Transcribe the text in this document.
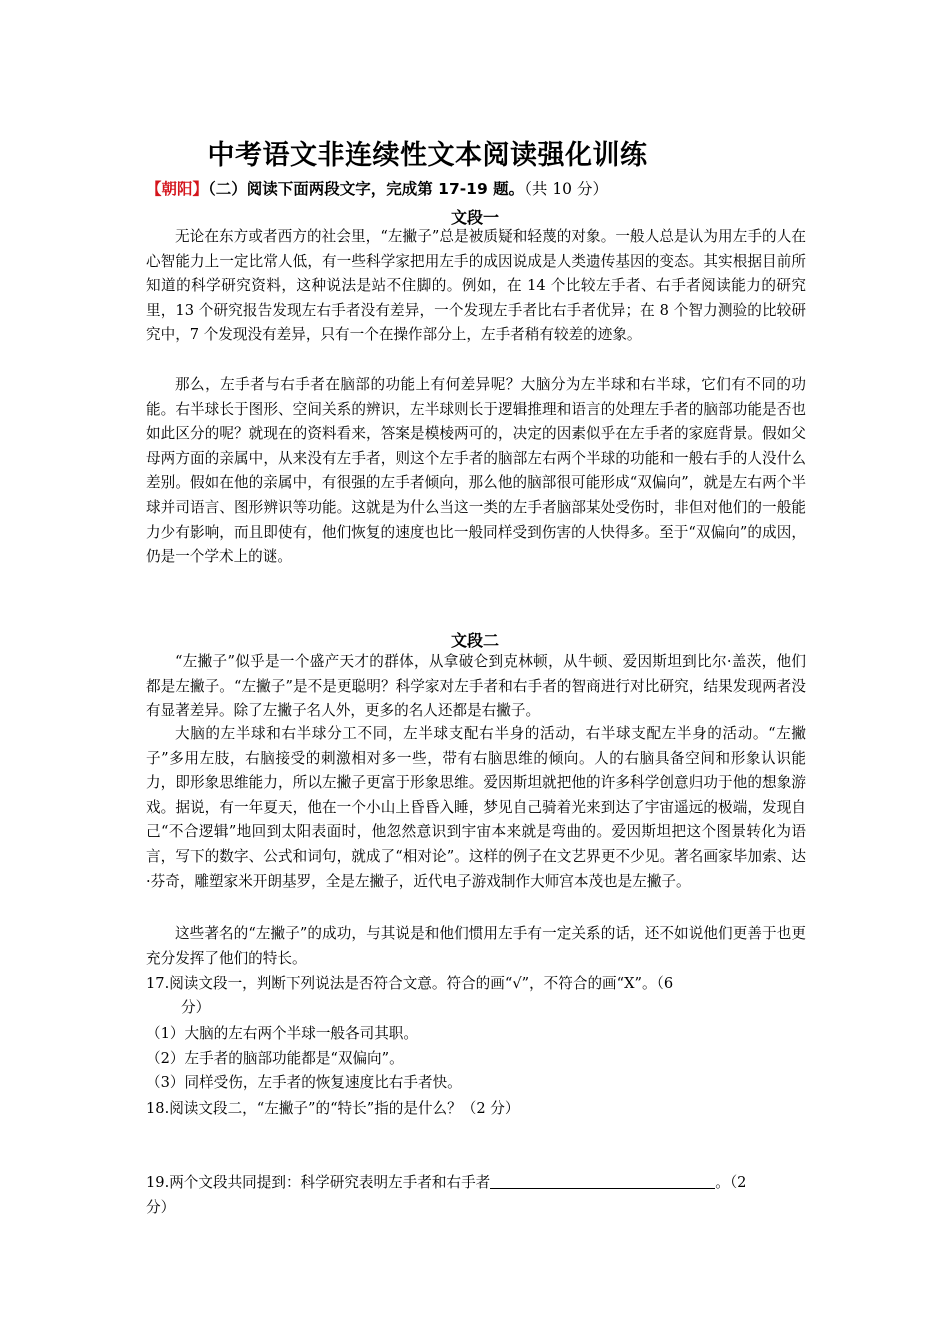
中考语文非连续性文本阅读强化训练
【朝阳】（二）阅读下面两段文字，完成第 17-19 题。（共 10 分）
文段一

无论在东方或者西方的社会里，“左撇子”总是被质疑和轻蔑的对象。一般人总是认为用左手的人在心智能力上一定比常人低，有一些科学家把用左手的成因说成是人类遗传基因的变态。其实根据目前所知道的科学研究资料，这种说法是站不住脚的。例如，在 14 个比较左手者、右手者阅读能力的研究里，13 个研究报告发现左右手者没有差异，一个发现左手者比右手者优异；在 8 个智力测验的比较研究中，7 个发现没有差异，只有一个在操作部分上，左手者稍有较差的迹象。

那么，左手者与右手者在脑部的功能上有何差异呢？大脑分为左半球和右半球，它们有不同的功能。右半球长于图形、空间关系的辨识，左半球则长于逻辑推理和语言的处理左手者的脑部功能是否也如此区分的呢？就现在的资料看来，答案是模棱两可的，决定的因素似乎在左手者的家庭背景。假如父母两方面的亲属中，从来没有左手者，则这个左手者的脑部左右两个半球的功能和一般右手的人没什么差别。假如在他的亲属中，有很强的左手者倾向，那么他的脑部很可能形成“双偏向”，就是左右两个半球并司语言、图形辨识等功能。这就是为什么当这一类的左手者脑部某处受伤时，非但对他们的一般能力少有影响，而且即使有，他们恢复的速度也比一般同样受到伤害的人快得多。至于“双偏向”的成因，仍是一个学术上的谜。

文段二

“左撇子”似乎是一个盛产天才的群体，从拿破仑到克林顿，从牛顿、爱因斯坦到比尔·盖茨，他们都是左撇子。“左撇子”是不是更聪明？科学家对左手者和右手者的智商进行对比研究，结果发现两者没有显著差异。除了左撇子名人外，更多的名人还都是右撇子。

大脑的左半球和右半球分工不同，左半球支配右半身的活动，右半球支配左半身的活动。“左撇子”多用左肢，右脑接受的刺激相对多一些，带有右脑思维的倾向。人的右脑具备空间和形象认识能力，即形象思维能力，所以左撇子更富于形象思维。爱因斯坦就把他的许多科学创意归功于他的想象游戏。据说，有一年夏天，他在一个小山上昏昏入睡，梦见自己骑着光来到达了宇宙遥远的极端，发现自己“不合逻辑”地回到太阳表面时，他忽然意识到宇宙本来就是弯曲的。爱因斯坦把这个图景转化为语言，写下的数字、公式和词句，就成了“相对论”。这样的例子在文艺界更不少见。著名画家毕加索、达·芬奇，雕塑家米开朗基罗，全是左撇子，近代电子游戏制作大师宫本茂也是左撇子。

这些著名的“左撇子”的成功，与其说是和他们惯用左手有一定关系的话，还不如说他们更善于也更充分发挥了他们的特长。

17.阅读文段一，判断下列说法是否符合文意。符合的画“√”，不符合的画“X”。（6

分）

（1）大脑的左右两个半球一般各司其职。

（2）左手者的脑部功能都是“双偏向”。

（3）同样受伤，左手者的恢复速度比右手者快。

18.阅读文段二，“左撇子”的“特长”指的是什么？（2 分）

19.两个文段共同提到：科学研究表明左手者和右手者	。（2

分）
